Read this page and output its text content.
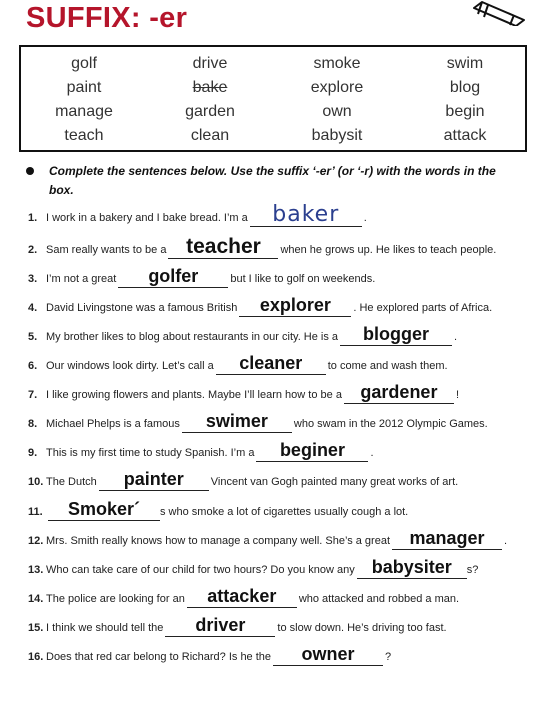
SUFFIX: -er
golf	drive	smoke	swim
paint	bake	explore	blog
manage	garden	own	begin
teach	clean	babysit	attack
Complete the sentences below. Use the suffix ‘-er’ (or ‘-r) with the words in the
box.
1. I work in a bakery and I bake bread. I’m a	baker	.
2. Sam really wants to be a teacher	when he grows up. He likes to teach people.
3. I’m not a great	golfer	but I like to golf on weekends.
4. David Livingstone was a famous British	explorer	. He explored parts of Africa.
5. My brother likes to blog about restaurants in our city. He is a	blogger	.
6. Our windows look dirty. Let’s call a	cleaner	to come and wash them.
7. I like growing flowers and plants. Maybe I’ll learn how to be a	gardener	!
8. Michael Phelps is a famous	swimer	who swam in the 2012 Olympic Games.
9. This is my first time to study Spanish. I’m a	beginer	.
10. The Dutch	painter	Vincent van Gogh painted many great works of art.
11.	Smoker´	s who smoke a lot of cigarettes usually cough a lot.
12. Mrs. Smith really knows how to manage a company well. She’s a great	manager	.
13. Who can take care of our child for two hours? Do you know any babysiter	s?
14. The police are looking for an	attacker	who attacked and robbed a man.
15. I think we should tell the	driver	to slow down. He’s driving too fast.
16. Does that red car belong to Richard? Is he the	owner	?
